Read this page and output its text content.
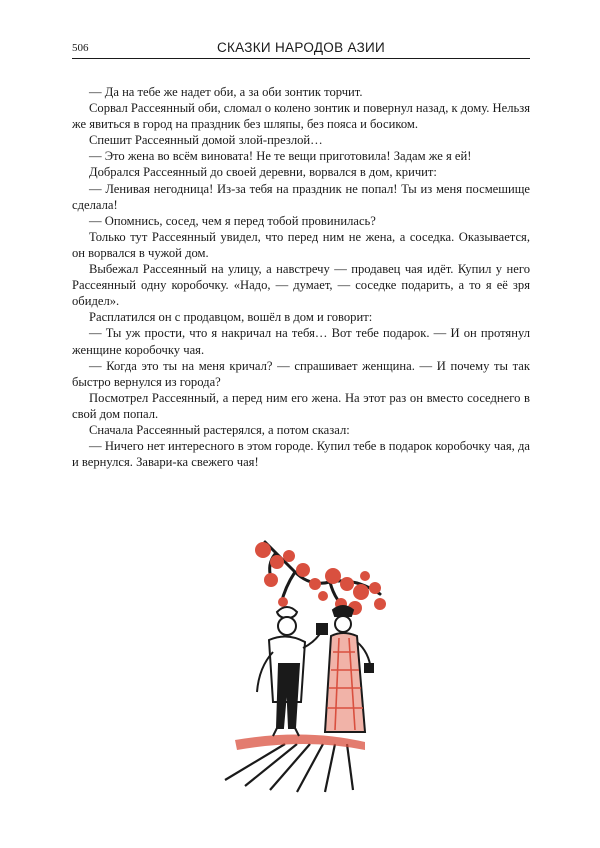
506	СКАЗКИ НАРОДОВ АЗИИ

— Да на тебе же надет оби, а за оби зонтик торчит.

Сорвал Рассеянный оби, сломал о колено зонтик и повернул назад, к дому. Нельзя же явиться в город на праздник без шляпы, без пояса и босиком.

Спешит Рассеянный домой злой-презлой…

— Это жена во всём виновата! Не те вещи приготовила! Задам же я ей!

Добрался Рассеянный до своей деревни, ворвался в дом, кричит:

— Ленивая негодница! Из-за тебя на праздник не попал! Ты из меня посмешище сделала!

— Опомнись, сосед, чем я перед тобой провинилась?

Только тут Рассеянный увидел, что перед ним не жена, а соседка. Оказывается, он ворвался в чужой дом.

Выбежал Рассеянный на улицу, а навстречу — продавец чая идёт. Купил у него Рассеянный одну коробочку. «Надо, — думает, — соседке подарить, а то я её зря обидел».

Расплатился он с продавцом, вошёл в дом и говорит:

— Ты уж прости, что я накричал на тебя… Вот тебе подарок. — И он протянул женщине коробочку чая.

— Когда это ты на меня кричал? — спрашивает женщина. — И почему ты так быстро вернулся из города?

Посмотрел Рассеянный, а перед ним его жена. На этот раз он вместо соседнего в свой дом попал.

Сначала Рассеянный растерялся, а потом сказал:

— Ничего нет интересного в этом городе. Купил тебе в подарок коробочку чая, да и вернулся. Завари-ка свежего чая!
